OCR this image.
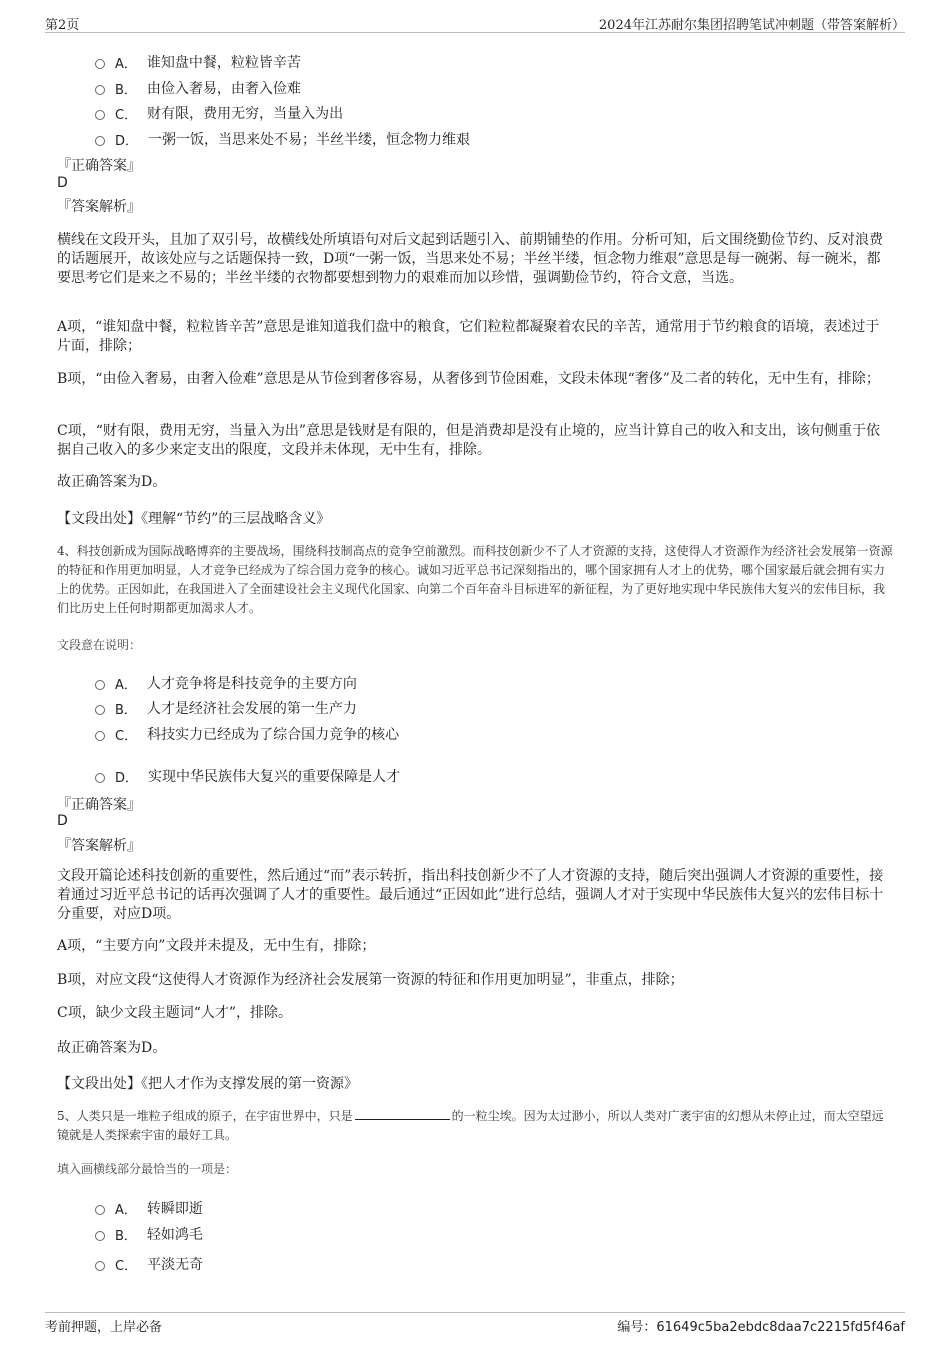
第2页	2024年江苏耐尔集团招聘笔试冲刺题（带答案解析）
A． 谁知盘中餐，粒粒皆辛苦
B． 由俭入奢易，由奢入俭难
C． 财有限，费用无穷，当量入为出
D． 一粥一饭，当思来处不易；半丝半缕，恒念物力维艰
『正确答案』
D
『答案解析』
横线在文段开头，且加了双引号，故横线处所填语句对后文起到话题引入、前期铺垫的作用。分析可知，后文围绕勤俭节约、反对浪费的话题展开，故该处应与之话题保持一致，D项“一粥一饭，当思来处不易；半丝半缕，恒念物力维艰”意思是每一碗粥、每一碗米，都要思考它们是来之不易的；半丝半缕的衣物都要想到物力的艰难而加以珍惜，强调勤俭节约，符合文意，当选。
A项，“谁知盘中餐，粒粒皆辛苦”意思是谁知道我们盘中的粮食，它们粒粒都凝聚着农民的辛苦，通常用于节约粮食的语境，表述过于片面，排除；
B项，“由俭入奢易，由奢入俭难”意思是从节俭到奢侈容易，从奢侈到节俭困难，文段未体现“奢侈”及二者的转化，无中生有，排除；
C项，“财有限，费用无穷，当量入为出”意思是钱财是有限的，但是消费却是没有止境的，应当计算自己的收入和支出，该句侧重于依据自己收入的多少来定支出的限度，文段并未体现，无中生有，排除。
故正确答案为D。
【文段出处】《理解“节约”的三层战略含义》
4、科技创新成为国际战略博弈的主要战场，围绕科技制高点的竞争空前激烈。而科技创新少不了人才资源的支持，这使得人才资源作为经济社会发展第一资源的特征和作用更加明显，人才竞争已经成为了综合国力竞争的核心。诚如习近平总书记深刻指出的，哪个国家拥有人才上的优势，哪个国家最后就会拥有实力上的优势。正因如此，在我国进入了全面建设社会主义现代化国家、向第二个百年奋斗目标进军的新征程，为了更好地实现中华民族伟大复兴的宏伟目标，我们比历史上任何时期都更加渴求人才。
文段意在说明：
A． 人才竞争将是科技竞争的主要方向
B． 人才是经济社会发展的第一生产力
C． 科技实力已经成为了综合国力竞争的核心
D． 实现中华民族伟大复兴的重要保障是人才
『正确答案』
D
『答案解析』
文段开篇论述科技创新的重要性，然后通过“而”表示转折，指出科技创新少不了人才资源的支持，随后突出强调人才资源的重要性，接着通过习近平总书记的话再次强调了人才的重要性。最后通过“正因如此”进行总结，强调人才对于实现中华民族伟大复兴的宏伟目标十分重要，对应D项。
A项，“主要方向”文段并未提及，无中生有，排除；
B项，对应文段“这使得人才资源作为经济社会发展第一资源的特征和作用更加明显”，非重点，排除；
C项，缺少文段主题词“人才”，排除。
故正确答案为D。
【文段出处】《把人才作为支撑发展的第一资源》
5、人类只是一堆粒子组成的原子，在宇宙世界中，只是	的一粒尘埃。因为太过渺小，所以人类对广袤宇宙的幻想从未停止过，而太空望远镜就是人类探索宇宙的最好工具。
填入画横线部分最恰当的一项是：
A． 转瞬即逝
B． 轻如鸿毛
C． 平淡无奇
考前押题，上岸必备	编号：61649c5ba2ebdc8daa7c2215fd5f46af
